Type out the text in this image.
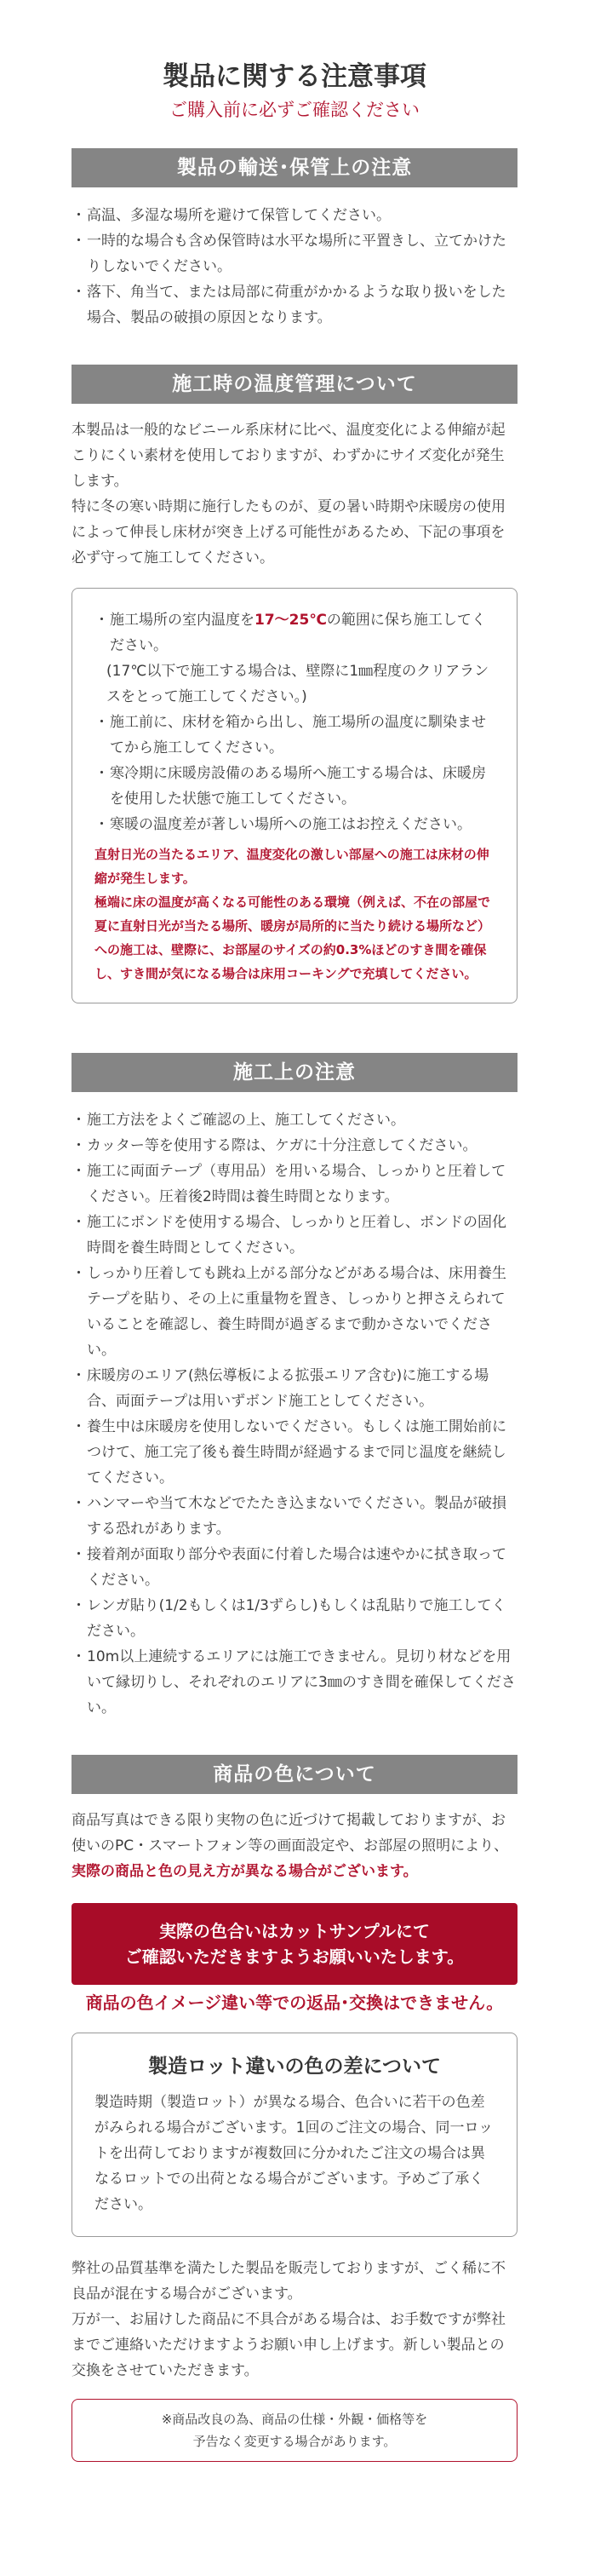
製品に関する注意事項
ご購入前に必ずご確認ください
製品の輸送･保管上の注意
・ 高温、多湿な場所を避けて保管してください。
・ 一時的な場合も含め保管時は水平な場所に平置きし、立てかけたりしないでください。
・ 落下、角当て、または局部に荷重がかかるような取り扱いをした場合、製品の破損の原因となります。
施工時の温度管理について

本製品は一般的なビニール系床材に比べ、温度変化による伸縮が起こりにくい素材を使用しておりますが、わずかにサイズ変化が発生します。

特に冬の寒い時期に施行したものが、夏の暑い時期や床暖房の使用によって伸長し床材が突き上げる可能性があるため、下記の事項を必ず守って施工してください。

・ 施工場所の室内温度を17〜25℃の範囲に保ち施工してください。
(17℃以下で施工する場合は、壁際に1㎜程度のクリアランスをとって施工してください。)
・ 施工前に、床材を箱から出し、施工場所の温度に馴染ませてから施工してください。
・ 寒冷期に床暖房設備のある場所へ施工する場合は、床暖房を使用した状態で施工してください。
・ 寒暖の温度差が著しい場所への施工はお控えください。
直射日光の当たるエリア、温度変化の激しい部屋への施工は床材の伸縮が発生します。
極端に床の温度が高くなる可能性のある環境（例えば、不在の部屋で夏に直射日光が当たる場所、暖房が局所的に当たり続ける場所など）への施工は、壁際に、お部屋のサイズの約0.3%ほどのすき間を確保し、すき間が気になる場合は床用コーキングで充填してください。
施工上の注意
・ 施工方法をよくご確認の上、施工してください。
・ カッター等を使用する際は、ケガに十分注意してください。
・ 施工に両面テープ（専用品）を用いる場合、しっかりと圧着してください。圧着後2時間は養生時間となります。
・ 施工にボンドを使用する場合、しっかりと圧着し、ボンドの固化時間を養生時間としてください。
・ しっかり圧着しても跳ね上がる部分などがある場合は、床用養生テープを貼り、その上に重量物を置き、しっかりと押さえられていることを確認し、養生時間が過ぎるまで動かさないでください。
・ 床暖房のエリア(熱伝導板による拡張エリア含む)に施工する場合、両面テープは用いずボンド施工としてください。
・ 養生中は床暖房を使用しないでください。もしくは施工開始前につけて、施工完了後も養生時間が経過するまで同じ温度を継続してください。
・ ハンマーや当て木などでたたき込まないでください。製品が破損する恐れがあります。
・ 接着剤が面取り部分や表面に付着した場合は速やかに拭き取ってください。
・ レンガ貼り(1/2もしくは1/3ずらし)もしくは乱貼りで施工してください。
・ 10m以上連続するエリアには施工できません。見切り材などを用いて縁切りし、それぞれのエリアに3㎜のすき間を確保してください。
商品の色について

商品写真はできる限り実物の色に近づけて掲載しておりますが、お使いのPC・スマートフォン等の画面設定や、お部屋の照明により、実際の商品と色の見え方が異なる場合がございます。

実際の色合いはカットサンプルにて
ご確認いただきますようお願いいたします。
商品の色イメージ違い等での返品･交換はできません。
製造ロット違いの色の差について

製造時期（製造ロット）が異なる場合、色合いに若干の色差がみられる場合がございます。1回のご注文の場合、同一ロットを出荷しておりますが複数回に分かれたご注文の場合は異なるロットでの出荷となる場合がございます。予めご了承ください。

弊社の品質基準を満たした製品を販売しておりますが、ごく稀に不良品が混在する場合がございます。

万が一、お届けした商品に不具合がある場合は、お手数ですが弊社までご連絡いただけますようお願い申し上げます。新しい製品との交換をさせていただきます。

※商品改良の為、商品の仕様・外観・価格等を
予告なく変更する場合があります。
